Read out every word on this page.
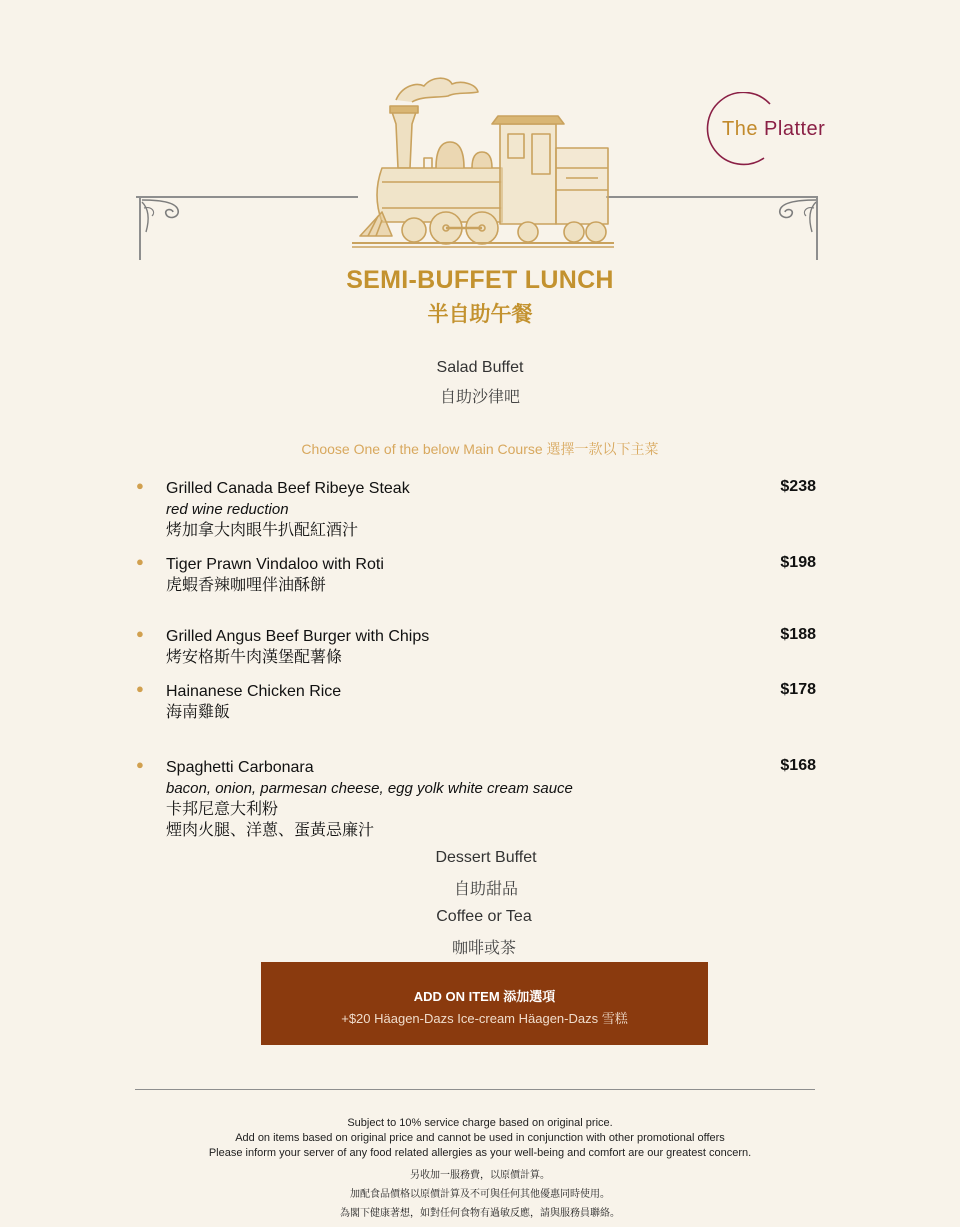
The Platter
SEMI-BUFFET LUNCH
半自助午餐
Salad Buffet
自助沙律吧
Choose One of the below Main Course 選擇一款以下主菜
● Grilled Canada Beef Ribeye Steak
red wine reduction
烤加拿大肉眼牛扒配紅酒汁
$238
● Tiger Prawn Vindaloo with Roti
虎蝦香辣咖哩伴油酥餅
$198
● Grilled Angus Beef Burger with Chips
烤安格斯牛肉漢堡配薯條
$188
● Hainanese Chicken Rice
海南雞飯
$178
● Spaghetti Carbonara
bacon, onion, parmesan cheese, egg yolk white cream sauce
卡邦尼意大利粉
煙肉火腿、洋蔥、蛋黃忌廉汁
$168
Dessert Buffet
自助甜品
Coffee or Tea
咖啡或茶
ADD ON ITEM 添加選項
+$20 Häagen-Dazs Ice-cream Häagen-Dazs 雪糕
Subject to 10% service charge based on original price.
Add on items based on original price and cannot be used in conjunction with other promotional offers
Please inform your server of any food related allergies as your well-being and comfort are our greatest concern.
另收加一服務費，以原價計算。
加配食品價格以原價計算及不可與任何其他優惠同時使用。
為閣下健康著想，如對任何食物有過敏反應，請與服務員聯絡。
